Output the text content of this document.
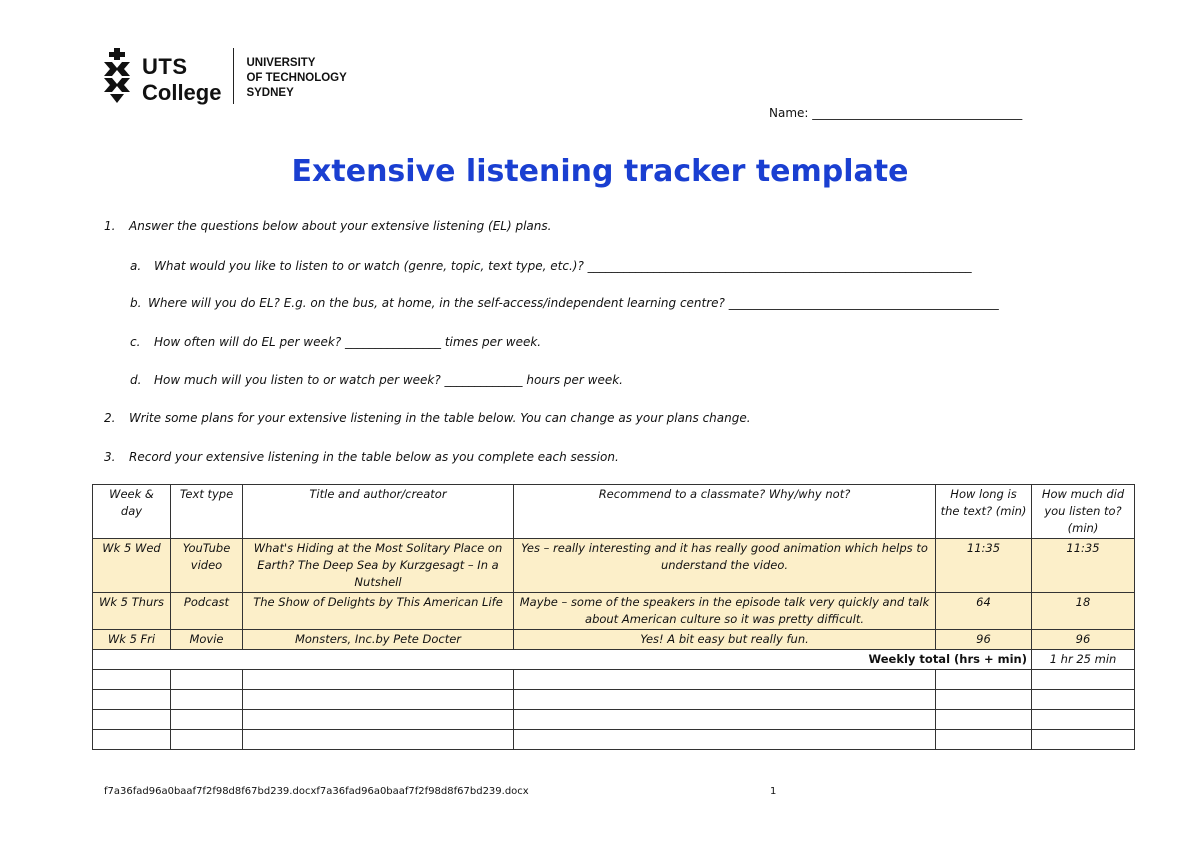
UTS
College
UNIVERSITY
OF TECHNOLOGY
SYDNEY
Name: ___________________________________
Extensive listening tracker template
1. Answer the questions below about your extensive listening (EL) plans.
a. What would you like to listen to or watch (genre, topic, text type, etc.)? ________________________________________________________________
b. Where will you do EL? E.g. on the bus, at home, in the self-access/independent learning centre? _____________________________________________
c. How often will do EL per week? ________________ times per week.
d. How much will you listen to or watch per week? _____________ hours per week.
2. Write some plans for your extensive listening in the table below. You can change as your plans change.
3. Record your extensive listening in the table below as you complete each session.
Week & day	Text type	Title and author/creator	Recommend to a classmate? Why/why not?	How long is the text? (min)	How much did you listen to? (min)
Wk 5 Wed	YouTube video	What's Hiding at the Most Solitary Place on Earth? The Deep Sea by Kurzgesagt – In a Nutshell	Yes – really interesting and it has really good animation which helps to understand the video.	11:35	11:35
Wk 5 Thurs	Podcast	The Show of Delights by This American Life	Maybe – some of the speakers in the episode talk very quickly and talk about American culture so it was pretty difficult.	64	18
Wk 5 Fri	Movie	Monsters, Inc.by Pete Docter	Yes! A bit easy but really fun.	96	96
Weekly total (hrs + min)					1 hr 25 min

f7a36fad96a0baaf7f2f98d8f67bd239.docxf7a36fad96a0baaf7f2f98d8f67bd239.docx	1
